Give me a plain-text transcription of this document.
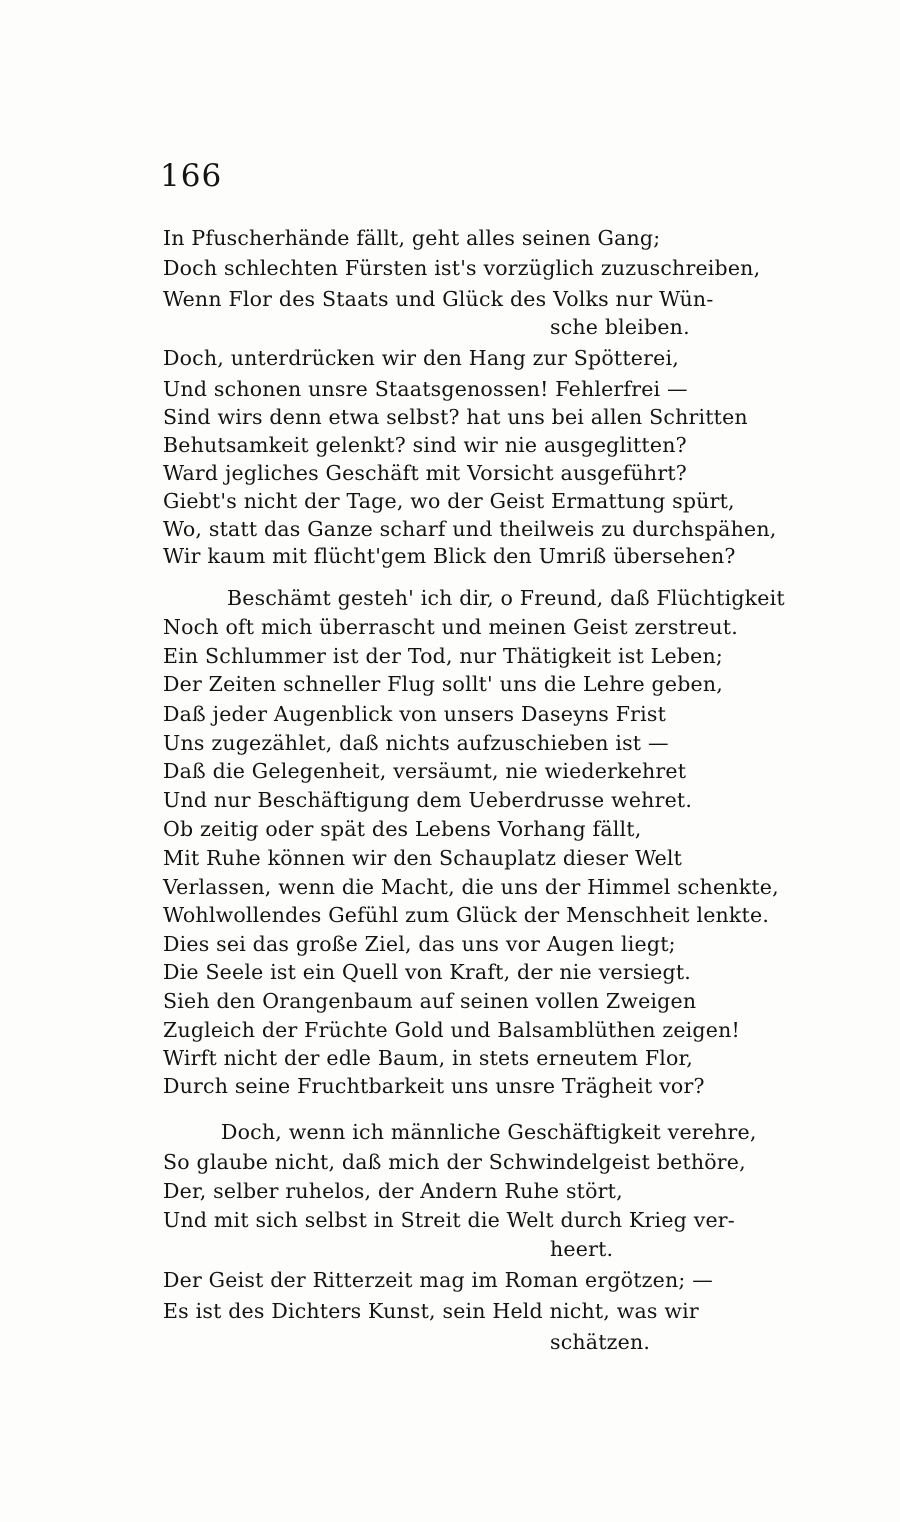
166
In Pfuscherhände fällt, geht alles seinen Gang;
Doch schlechten Fürsten ist's vorzüglich zuzuschreiben,
Wenn Flor des Staats und Glück des Volks nur Wün-
sche bleiben.
Doch, unterdrücken wir den Hang zur Spötterei,
Und schonen unsre Staatsgenossen! Fehlerfrei —
Sind wirs denn etwa selbst? hat uns bei allen Schritten
Behutsamkeit gelenkt? sind wir nie ausgeglitten?
Ward jegliches Geschäft mit Vorsicht ausgeführt?
Giebt's nicht der Tage, wo der Geist Ermattung spürt,
Wo, statt das Ganze scharf und theilweis zu durchspähen,
Wir kaum mit flücht'gem Blick den Umriß übersehen?
Beschämt gesteh' ich dir, o Freund, daß Flüchtigkeit
Noch oft mich überrascht und meinen Geist zerstreut.
Ein Schlummer ist der Tod, nur Thätigkeit ist Leben;
Der Zeiten schneller Flug sollt' uns die Lehre geben,
Daß jeder Augenblick von unsers Daseyns Frist
Uns zugezählet, daß nichts aufzuschieben ist —
Daß die Gelegenheit, versäumt, nie wiederkehret
Und nur Beschäftigung dem Ueberdrusse wehret.
Ob zeitig oder spät des Lebens Vorhang fällt,
Mit Ruhe können wir den Schauplatz dieser Welt
Verlassen, wenn die Macht, die uns der Himmel schenkte,
Wohlwollendes Gefühl zum Glück der Menschheit lenkte.
Dies sei das große Ziel, das uns vor Augen liegt;
Die Seele ist ein Quell von Kraft, der nie versiegt.
Sieh den Orangenbaum auf seinen vollen Zweigen
Zugleich der Früchte Gold und Balsamblüthen zeigen!
Wirft nicht der edle Baum, in stets erneutem Flor,
Durch seine Fruchtbarkeit uns unsre Trägheit vor?
Doch, wenn ich männliche Geschäftigkeit verehre,
So glaube nicht, daß mich der Schwindelgeist bethöre,
Der, selber ruhelos, der Andern Ruhe stört,
Und mit sich selbst in Streit die Welt durch Krieg ver-
heert.
Der Geist der Ritterzeit mag im Roman ergötzen; —
Es ist des Dichters Kunst, sein Held nicht, was wir
schätzen.
